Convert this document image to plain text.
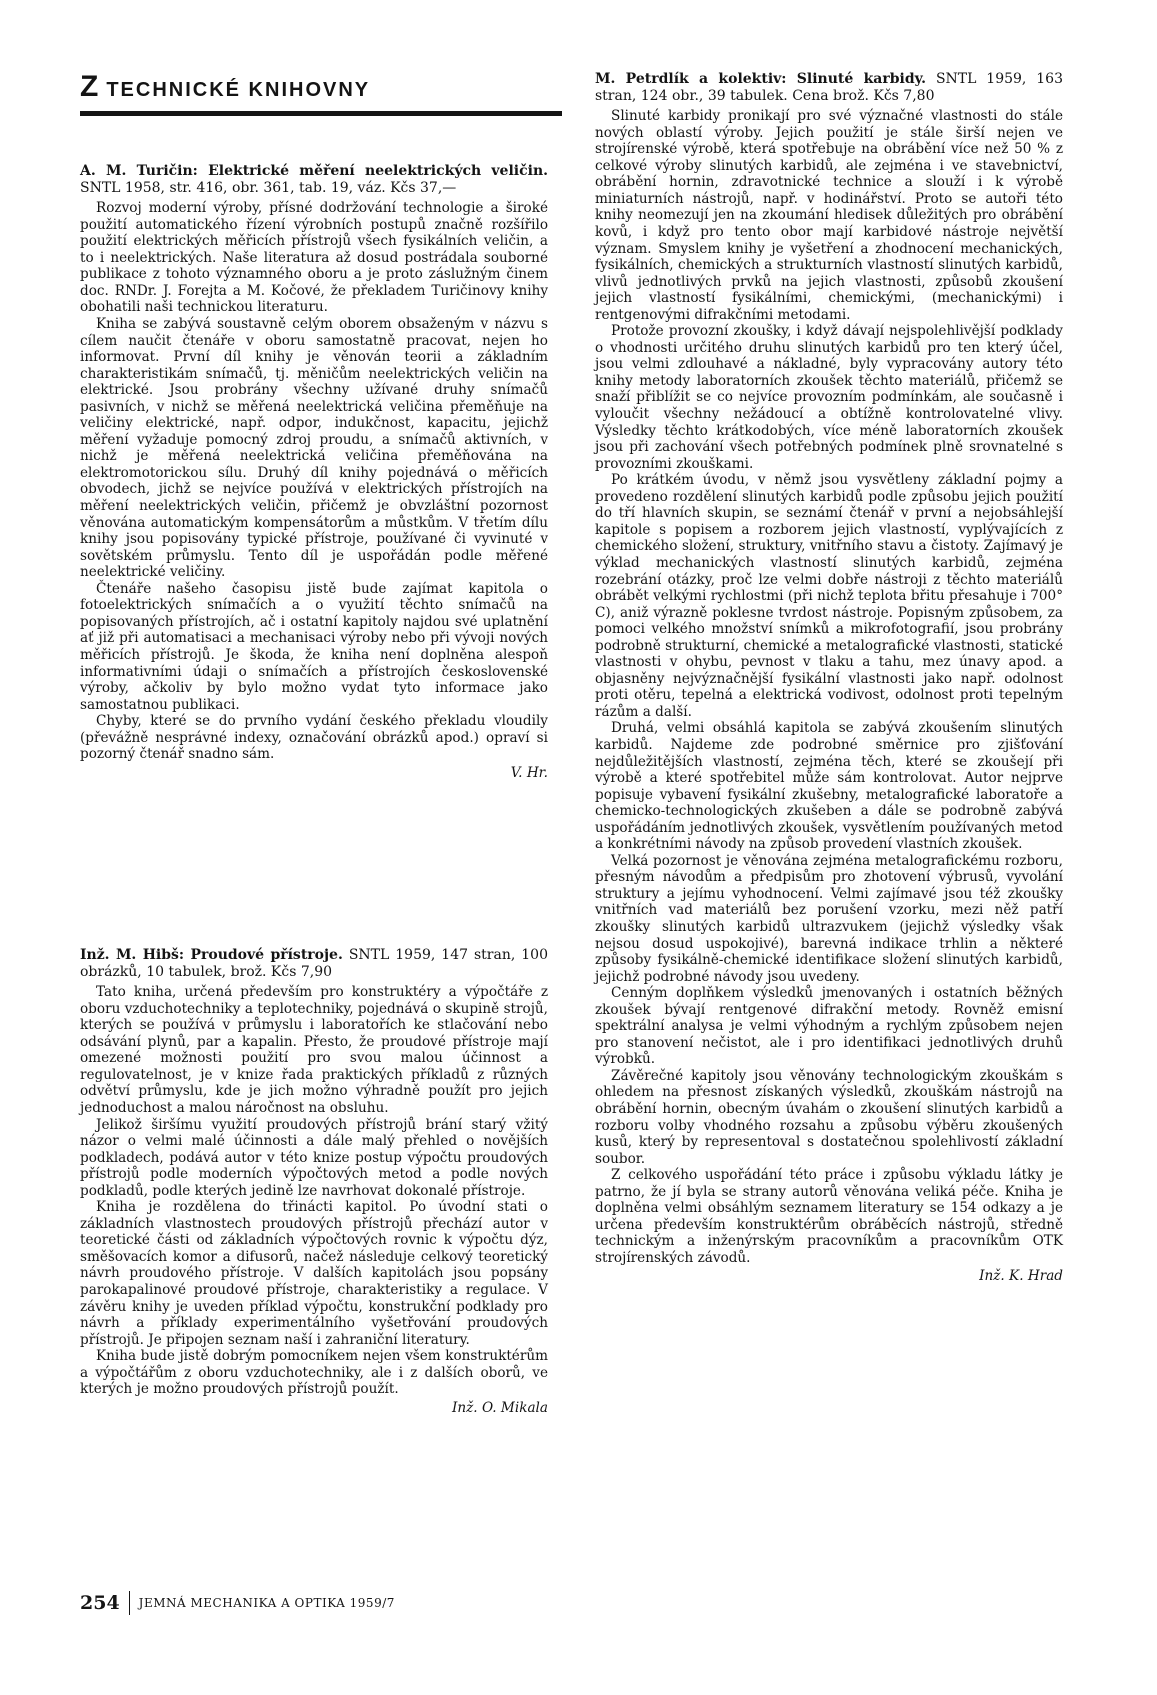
ZTECHNICKÉ KNIHOVNY

A. M. Turičin: Elektrické měření neelektrických veličin. SNTL 1958, str. 416, obr. 361, tab. 19, váz. Kčs 37,—

Rozvoj moderní výroby, přísné dodržování technologie a široké použití automatického řízení výrobních postupů značně rozšířilo použití elektrických měřicích přístrojů všech fysikálních veličin, a to i neelektrických. Naše literatura až dosud postrádala souborné publikace z tohoto významného oboru a je proto záslužným činem doc. RNDr. J. Forejta a M. Kočové, že překladem Turičinovy knihy obohatili naši technickou literaturu.

Kniha se zabývá soustavně celým oborem obsaženým v názvu s cílem naučit čtenáře v oboru samostatně pracovat, nejen ho informovat. První díl knihy je věnován teorii a základním charakteristikám snímačů, tj. měničům neelektrických veličin na elektrické. Jsou probrány všechny užívané druhy snímačů pasivních, v nichž se měřená neelektrická veličina přeměňuje na veličiny elektrické, např. odpor, indukčnost, kapacitu, jejichž měření vyžaduje pomocný zdroj proudu, a snímačů aktivních, v nichž je měřená neelektrická veličina přeměňována na elektromotorickou sílu. Druhý díl knihy pojednává o měřicích obvodech, jichž se nejvíce používá v elektrických přístrojích na měření neelektrických veličin, přičemž je obvzláštní pozornost věnována automatickým kompensátorům a můstkům. V třetím dílu knihy jsou popisovány typické přístroje, používané či vyvinuté v sovětském průmyslu. Tento díl je uspořádán podle měřené neelektrické veličiny.

Čtenáře našeho časopisu jistě bude zajímat kapitola o fotoelektrických snímačích a o využití těchto snímačů na popisovaných přístrojích, ač i ostatní kapitoly najdou své uplatnění ať již při automatisaci a mechanisaci výroby nebo při vývoji nových měřicích přístrojů. Je škoda, že kniha není doplněna alespoň informativními údaji o snímačích a přístrojích československé výroby, ačkoliv by bylo možno vydat tyto informace jako samostatnou publikaci.

Chyby, které se do prvního vydání českého překladu vloudily (převážně nesprávné indexy, označování obrázků apod.) opraví si pozorný čtenář snadno sám.

V. Hr.

Inž. M. Hibš: Proudové přístroje. SNTL 1959, 147 stran, 100 obrázků, 10 tabulek, brož. Kčs 7,90

Tato kniha, určená především pro konstruktéry a výpočtáře z oboru vzduchotechniky a teplotechniky, pojednává o skupině strojů, kterých se používá v průmyslu i laboratořích ke stlačování nebo odsávání plynů, par a kapalin. Přesto, že proudové přístroje mají omezené možnosti použití pro svou malou účinnost a regulovatelnost, je v knize řada praktických příkladů z různých odvětví průmyslu, kde je jich možno výhradně použít pro jejich jednoduchost a malou náročnost na obsluhu.

Jelikož širšímu využití proudových přístrojů brání starý vžitý názor o velmi malé účinnosti a dále malý přehled o novějších podkladech, podává autor v této knize postup výpočtu proudových přístrojů podle moderních výpočtových metod a podle nových podkladů, podle kterých jedině lze navrhovat dokonalé přístroje.

Kniha je rozdělena do třinácti kapitol. Po úvodní stati o základních vlastnostech proudových přístrojů přechází autor v teoretické části od základních výpočtových rovnic k výpočtu dýz, směšovacích komor a difusorů, načež následuje celkový teoretický návrh proudového přístroje. V dalších kapitolách jsou popsány parokapalinové proudové přístroje, charakteristiky a regulace. V závěru knihy je uveden příklad výpočtu, konstrukční podklady pro návrh a příklady experimentálního vyšetřování proudových přístrojů. Je připojen seznam naší i zahraniční literatury.

Kniha bude jistě dobrým pomocníkem nejen všem konstruktérům a výpočtářům z oboru vzduchotechniky, ale i z dalších oborů, ve kterých je možno proudových přístrojů použít.

Inž. O. Mikala

M. Petrdlík a kolektiv: Slinuté karbidy. SNTL 1959, 163 stran, 124 obr., 39 tabulek. Cena brož. Kčs 7,80

Slinuté karbidy pronikají pro své význačné vlastnosti do stále nových oblastí výroby. Jejich použití je stále širší nejen ve strojírenské výrobě, která spotřebuje na obrábění více než 50 % z celkové výroby slinutých karbidů, ale zejména i ve stavebnictví, obrábění hornin, zdravotnické technice a slouží i k výrobě miniaturních nástrojů, např. v hodinářství. Proto se autoři této knihy neomezují jen na zkoumání hledisek důležitých pro obrábění kovů, i když pro tento obor mají karbidové nástroje největší význam. Smyslem knihy je vyšetření a zhodnocení mechanických, fysikálních, chemických a strukturních vlastností slinutých karbidů, vlivů jednotlivých prvků na jejich vlastnosti, způsobů zkoušení jejich vlastností fysikálními, chemickými, (mechanickými) i rentgenovými difrakčními metodami.

Protože provozní zkoušky, i když dávají nejspolehlivější podklady o vhodnosti určitého druhu slinutých karbidů pro ten který účel, jsou velmi zdlouhavé a nákladné, byly vypracovány autory této knihy metody laboratorních zkoušek těchto materiálů, přičemž se snaží přiblížit se co nejvíce provozním podmínkám, ale současně i vyloučit všechny nežádoucí a obtížně kontrolovatelné vlivy. Výsledky těchto krátkodobých, více méně laboratorních zkoušek jsou při zachování všech potřebných podmínek plně srovnatelné s provozními zkouškami.

Po krátkém úvodu, v němž jsou vysvětleny základní pojmy a provedeno rozdělení slinutých karbidů podle způsobu jejich použití do tří hlavních skupin, se seznámí čtenář v první a nejobsáhlejší kapitole s popisem a rozborem jejich vlastností, vyplývajících z chemického složení, struktury, vnitřního stavu a čistoty. Zajímavý je výklad mechanických vlastností slinutých karbidů, zejména rozebrání otázky, proč lze velmi dobře nástroji z těchto materiálů obrábět velkými rychlostmi (při nichž teplota břitu přesahuje i 700° C), aniž výrazně poklesne tvrdost nástroje. Popisným způsobem, za pomoci velkého množství snímků a mikrofotografií, jsou probrány podrobně strukturní, chemické a metalografické vlastnosti, statické vlastnosti v ohybu, pevnost v tlaku a tahu, mez únavy apod. a objasněny nejvýznačnější fysikální vlastnosti jako např. odolnost proti otěru, tepelná a elektrická vodivost, odolnost proti tepelným rázům a další.

Druhá, velmi obsáhlá kapitola se zabývá zkoušením slinutých karbidů. Najdeme zde podrobné směrnice pro zjišťování nejdůležitějších vlastností, zejména těch, které se zkoušejí při výrobě a které spotřebitel může sám kontrolovat. Autor nejprve popisuje vybavení fysikální zkušebny, metalografické laboratoře a chemicko-technologických zkušeben a dále se podrobně zabývá uspořádáním jednotlivých zkoušek, vysvětlením používaných metod a konkrétními návody na způsob provedení vlastních zkoušek.

Velká pozornost je věnována zejména metalografickému rozboru, přesným návodům a předpisům pro zhotovení výbrusů, vyvolání struktury a jejímu vyhodnocení. Velmi zajímavé jsou též zkoušky vnitřních vad materiálů bez porušení vzorku, mezi něž patří zkoušky slinutých karbidů ultrazvukem (jejichž výsledky však nejsou dosud uspokojivé), barevná indikace trhlin a některé způsoby fysikálně-chemické identifikace složení slinutých karbidů, jejichž podrobné návody jsou uvedeny.

Cenným doplňkem výsledků jmenovaných i ostatních běžných zkoušek bývají rentgenové difrakční metody. Rovněž emisní spektrální analysa je velmi výhodným a rychlým způsobem nejen pro stanovení nečistot, ale i pro identifikaci jednotlivých druhů výrobků.

Závěrečné kapitoly jsou věnovány technologickým zkouškám s ohledem na přesnost získaných výsledků, zkouškám nástrojů na obrábění hornin, obecným úvahám o zkoušení slinutých karbidů a rozboru volby vhodného rozsahu a způsobu výběru zkoušených kusů, který by representoval s dostatečnou spolehlivostí základní soubor.

Z celkového uspořádání této práce i způsobu výkladu látky je patrno, že jí byla se strany autorů věnována veliká péče. Kniha je doplněna velmi obsáhlým seznamem literatury se 154 odkazy a je určena především konstruktérům obráběcích nástrojů, středně technickým a inženýrským pracovníkům a pracovníkům OTK strojírenských závodů.

Inž. K. Hrad

254 JEMNÁ MECHANIKA A OPTIKA 1959/7
